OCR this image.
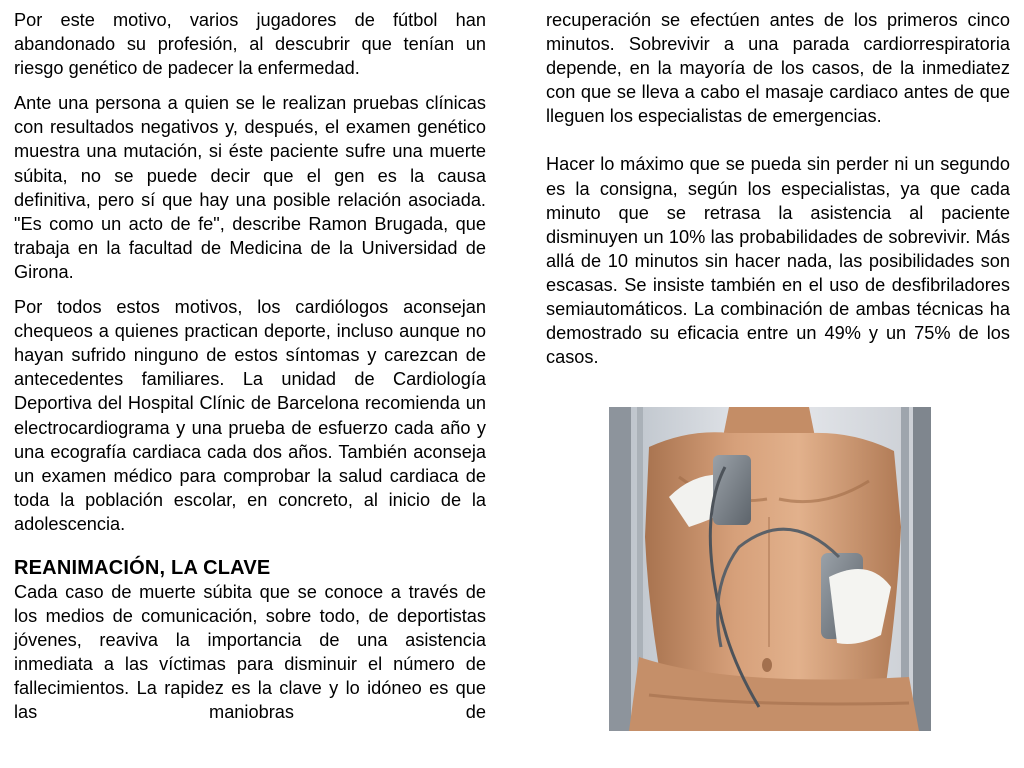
Por este motivo, varios jugadores de fútbol han abandonado su profesión, al descubrir que tenían un riesgo genético de padecer la enfermedad.

Ante una persona a quien se le realizan pruebas clínicas con resultados negativos y, después, el examen genético muestra una mutación, si éste paciente sufre una muerte súbita, no se puede decir que el gen es la causa definitiva, pero sí que hay una posible relación asociada. "Es como un acto de fe", describe Ramon Brugada, que trabaja en la facultad de Medicina de la Universidad de Girona.

Por todos estos motivos, los cardiólogos aconsejan chequeos a quienes practican deporte, incluso aunque no hayan sufrido ninguno de estos síntomas y carezcan de antecedentes familiares. La unidad de Cardiología Deportiva del Hospital Clínic de Barcelona recomienda un electrocardiograma y una prueba de esfuerzo cada año y una ecografía cardiaca cada dos años. También aconseja un examen médico para comprobar la salud cardiaca de toda la población escolar, en concreto, al inicio de la adolescencia.

REANIMACIÓN, LA CLAVE

Cada caso de muerte súbita que se conoce a través de los medios de comunicación, sobre todo, de deportistas jóvenes, reaviva la importancia de una asistencia inmediata a las víctimas para disminuir el número de fallecimientos. La rapidez es la clave y lo idóneo es que las maniobras de

recuperación se efectúen antes de los primeros cinco minutos. Sobrevivir a una parada cardiorrespiratoria depende, en la mayoría de los casos, de la inmediatez con que se lleva a cabo el masaje cardiaco antes de que lleguen los especialistas de emergencias.

Hacer lo máximo que se pueda sin perder ni un segundo es la consigna, según los especialistas, ya que cada minuto que se retrasa la asistencia al paciente disminuyen un 10% las probabilidades de sobrevivir. Más allá de 10 minutos sin hacer nada, las posibilidades son escasas. Se insiste también en el uso de desfibriladores semiautomáticos. La combinación de ambas técnicas ha demostrado su eficacia entre un 49% y un 75% de los casos.
